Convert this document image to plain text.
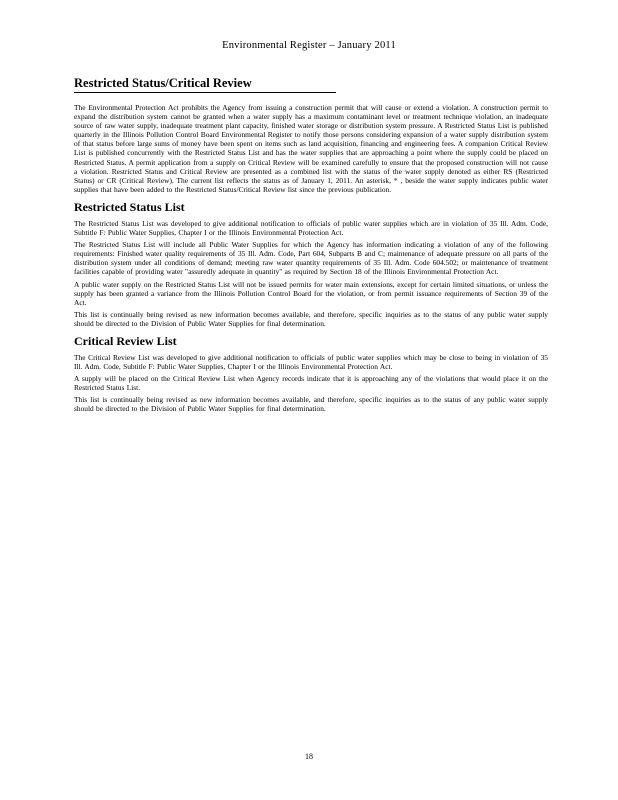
Environmental Register – January 2011
Restricted Status/Critical Review

The Environmental Protection Act prohibits the Agency from issuing a construction permit that will cause or extend a violation. A construction permit to expand the distribution system cannot be granted when a water supply has a maximum contaminant level or treatment technique violation, an inadequate source of raw water supply, inadequate treatment plant capacity, finished water storage or distribution system pressure. A Restricted Status List is published quarterly in the Illinois Pollution Control Board Environmental Register to notify those persons considering expansion of a water supply distribution system of that status before large sums of money have been spent on items such as land acquisition, financing and engineering fees. A companion Critical Review List is published concurrently with the Restricted Status List and has the water supplies that are approaching a point where the supply could be placed on Restricted Status. A permit application from a supply on Critical Review will be examined carefully to ensure that the proposed construction will not cause a violation. Restricted Status and Critical Review are presented as a combined list with the status of the water supply denoted as either RS (Restricted Status) or CR (Critical Review). The current list reflects the status as of January 1, 2011. An asterisk, * , beside the water supply indicates public water supplies that have been added to the Restricted Status/Critical Review list since the previous publication.

Restricted Status List

The Restricted Status List was developed to give additional notification to officials of public water supplies which are in violation of 35 Ill. Adm. Code, Subtitle F: Public Water Supplies, Chapter I or the Illinois Environmental Protection Act.

The Restricted Status List will include all Public Water Supplies for which the Agency has information indicating a violation of any of the following requirements: Finished water quality requirements of 35 Ill. Adm. Code, Part 604, Subparts B and C; maintenance of adequate pressure on all parts of the distribution system under all conditions of demand; meeting raw water quantity requirements of 35 Ill. Adm. Code 604.502; or maintenance of treatment facilities capable of providing water "assuredly adequate in quantity" as required by Section 18 of the Illinois Environmental Protection Act.

A public water supply on the Restricted Status List will not be issued permits for water main extensions, except for certain limited situations, or unless the supply has been granted a variance from the Illinois Pollution Control Board for the violation, or from permit issuance requirements of Section 39 of the Act.

This list is continually being revised as new information becomes available, and therefore, specific inquiries as to the status of any public water supply should be directed to the Division of Public Water Supplies for final determination.

Critical Review List

The Critical Review List was developed to give additional notification to officials of public water supplies which may be close to being in violation of 35 Ill. Adm. Code, Subtitle F: Public Water Supplies, Chapter I or the Illinois Environmental Protection Act.

A supply will be placed on the Critical Review List when Agency records indicate that it is approaching any of the violations that would place it on the Restricted Status List.

This list is continually being revised as new information becomes available, and therefore, specific inquiries as to the status of any public water supply should be directed to the Division of Public Water Supplies for final determination.

18
